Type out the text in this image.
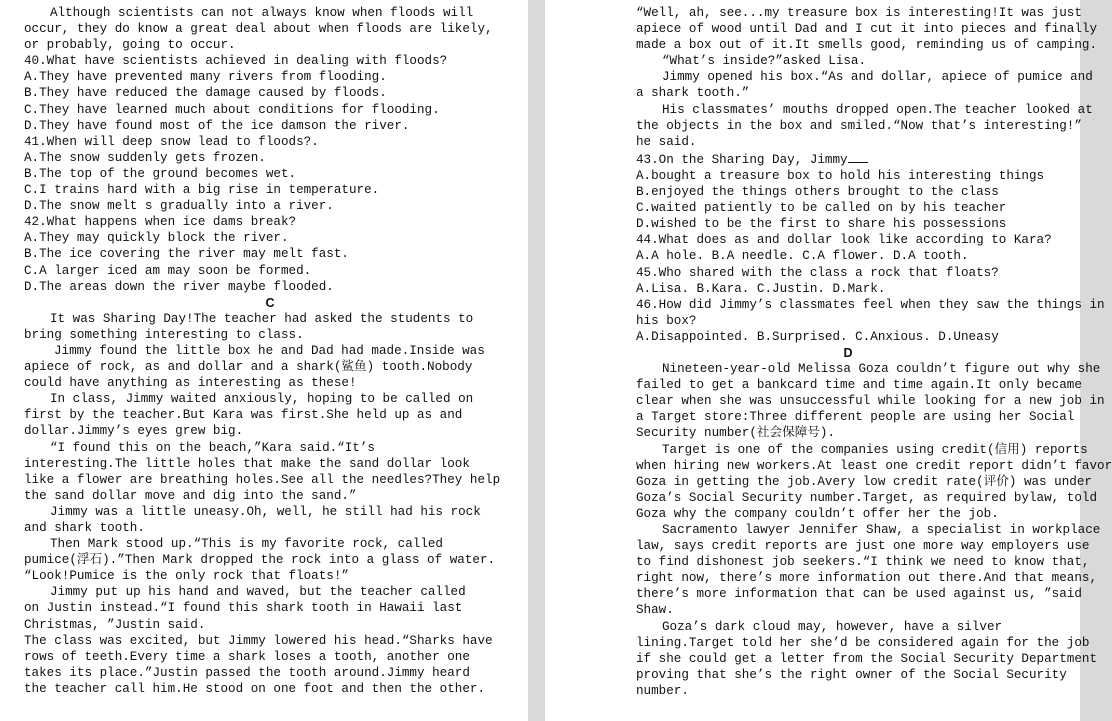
Although scientists can not always know when floods will
occur, they do know a great deal about when floods are likely,
or probably, going to occur.
40.What have scientists achieved in dealing with floods?
A.They have prevented many rivers from flooding.
B.They have reduced the damage caused by floods.
C.They have learned much about conditions for flooding.
D.They have found most of the ice damson the river.
41.When will deep snow lead to floods?.
A.The snow suddenly gets frozen.
B.The top of the ground becomes wet.
C.I trains hard with a big rise in temperature.
D.The snow melt s gradually into a river.
42.What happens when ice dams break?
A.They may quickly block the river.
B.The ice covering the river may melt fast.
C.A larger iced am may soon be formed.
D.The areas down the river maybe flooded.
C
It was Sharing Day!The teacher had asked the students to
bring something interesting to class.
Jimmy found the little box he and Dad had made.Inside was
apiece of rock, as and dollar and a shark(鲨鱼) tooth.Nobody
could have anything as interesting as these!
In class, Jimmy waited anxiously, hoping to be called on
first by the teacher.But Kara was first.She held up as and
dollar.Jimmy’s eyes grew big.
“I found this on the beach,”Kara said.“It’s
interesting.The little holes that make the sand dollar look
like a flower are breathing holes.See all the needles?They help
the sand dollar move and dig into the sand.”
Jimmy was a little uneasy.Oh, well, he still had his rock
and shark tooth.
Then Mark stood up.“This is my favorite rock, called
pumice(浮石).”Then Mark dropped the rock into a glass of water.
“Look!Pumice is the only rock that floats!”
Jimmy put up his hand and waved, but the teacher called
on Justin instead.“I found this shark tooth in Hawaii last
Christmas, ”Justin said.
The class was excited, but Jimmy lowered his head.“Sharks have
rows of teeth.Every time a shark loses a tooth, another one
takes its place.”Justin passed the tooth around.Jimmy heard
the teacher call him.He stood on one foot and then the other.
“Well, ah, see...my treasure box is interesting!It was just
apiece of wood until Dad and I cut it into pieces and finally
made a box out of it.It smells good, reminding us of camping.
“What’s inside?”asked Lisa.
Jimmy opened his box.“As and dollar, apiece of pumice and
a shark tooth.”
His classmates’ mouths dropped open.The teacher looked at
the objects in the box and smiled.“Now that’s interesting!”
he said.
43.On the Sharing Day, Jimmy
A.bought a treasure box to hold his interesting things
B.enjoyed the things others brought to the class
C.waited patiently to be called on by his teacher
D.wished to be the first to share his possessions
44.What does as and dollar look like according to Kara?
A.A hole. B.A needle. C.A flower. D.A tooth.
45.Who shared with the class a rock that floats?
A.Lisa. B.Kara. C.Justin. D.Mark.
46.How did Jimmy’s classmates feel when they saw the things in
his box?
A.Disappointed. B.Surprised. C.Anxious. D.Uneasy
D
Nineteen-year-old Melissa Goza couldn’t figure out why she
failed to get a bankcard time and time again.It only became
clear when she was unsuccessful while looking for a new job in
a Target store:Three different people are using her Social
Security number(社会保障号).
Target is one of the companies using credit(信用) reports
when hiring new workers.At least one credit report didn’t favor
Goza in getting the job.Avery low credit rate(评价) was under
Goza’s Social Security number.Target, as required bylaw, told
Goza why the company couldn’t offer her the job.
Sacramento lawyer Jennifer Shaw, a specialist in workplace
law, says credit reports are just one more way employers use
to find dishonest job seekers.“I think we need to know that,
right now, there’s more information out there.And that means,
there’s more information that can be used against us, ”said
Shaw.
Goza’s dark cloud may, however, have a silver
lining.Target told her she’d be considered again for the job
if she could get a letter from the Social Security Department
proving that she’s the right owner of the Social Security
number.
